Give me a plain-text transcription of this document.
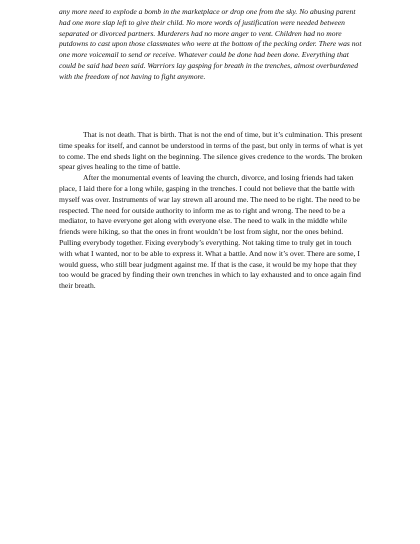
any more need to explode a bomb in the marketplace or drop one from the sky. No abusing parent had one more slap left to give their child. No more words of justification were needed between separated or divorced partners. Murderers had no more anger to vent. Children had no more putdowns to cast upon those classmates who were at the bottom of the pecking order. There was not one more voicemail to send or receive. Whatever could be done had been done. Everything that could be said had been said. Warriors lay gasping for breath in the trenches, almost overburdened with the freedom of not having to fight anymore.

That is not death. That is birth. That is not the end of time, but it’s culmination. This present time speaks for itself, and cannot be understood in terms of the past, but only in terms of what is yet to come. The end sheds light on the beginning. The silence gives credence to the words. The broken spear gives healing to the time of battle.

After the monumental events of leaving the church, divorce, and losing friends had taken place, I laid there for a long while, gasping in the trenches. I could not believe that the battle with myself was over. Instruments of war lay strewn all around me. The need to be right. The need to be respected. The need for outside authority to inform me as to right and wrong. The need to be a mediator, to have everyone get along with everyone else. The need to walk in the middle while friends were hiking, so that the ones in front wouldn’t be lost from sight, nor the ones behind. Pulling everybody together. Fixing everybody’s everything. Not taking time to truly get in touch with what I wanted, nor to be able to express it. What a battle. And now it’s over. There are some, I would guess, who still bear judgment against me. If that is the case, it would be my hope that they too would be graced by finding their own trenches in which to lay exhausted and to once again find their breath.
